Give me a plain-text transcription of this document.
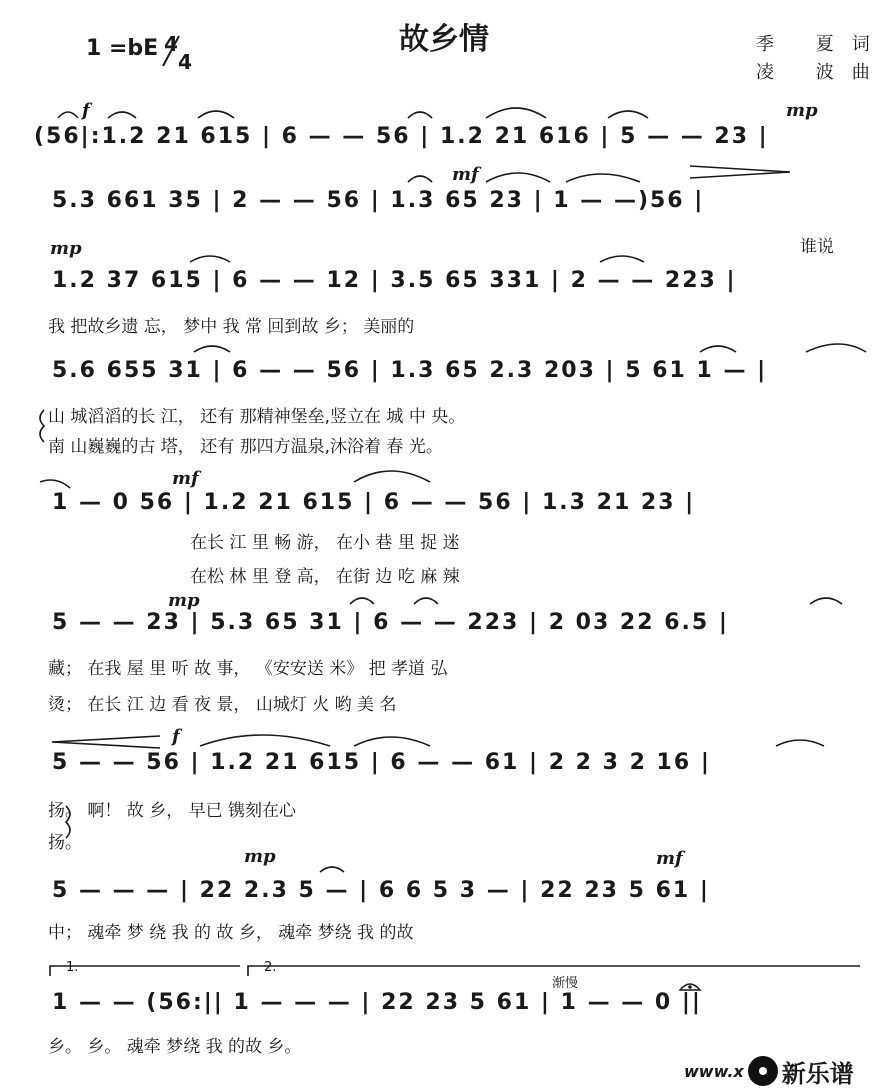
故乡情
1 =bE 4
4
季 夏词
凌 波曲
(56|:1.2 21 615 | 6 — — 56 | 1.2 21 616 | 5 — — 23 |
f	mp
5.3 661 35 | 2 — — 56 | 1.3 65 23 | 1 — —)56 |
mf
谁说
mp
1.2 37 615 | 6 — — 12 | 3.5 65 331 | 2 — — 223 |
我 把故乡遗 忘， 梦中 我 常 回到故 乡； 美丽的
5.6 655 31 | 6 — — 56 | 1.3 65 2.3 203 | 5 61 1 — |
山 城滔滔的长 江， 还有 那精神堡垒,竖立在 城 中 央。
南 山巍巍的古 塔， 还有 那四方温泉,沐浴着 春 光。
mf
1 — 0 56 | 1.2 21 615 | 6 — — 56 | 1.3 21 23 |
在长 江 里 畅 游， 在小 巷 里 捉 迷
在松 林 里 登 高， 在街 边 吃 麻 辣
mp
5 — — 23 | 5.3 65 31 | 6 — — 223 | 2 03 22 6.5 |
藏； 在我 屋 里 听 故 事， 《安安送 米》 把 孝道 弘
烫； 在长 江 边 看 夜 景， 山城灯 火 哟 美 名
f
5 — — 56 | 1.2 21 615 | 6 — — 61 | 2 2 3 2 16 |
扬。 啊！ 故 乡， 早已 镌刻在心
扬。
mp	mf
5 — — — | 22 2.3 5 — | 6 6 5 3 — | 22 23 5 61 |
中； 魂牵 梦 绕 我 的 故 乡， 魂牵 梦绕 我 的故
1.	2.
渐慢
1 — — (56:|| 1 — — — | 22 23 5 61 | 1 — — 0 ||
乡。 乡。 魂牵 梦绕 我 的故 乡。
www.x 新乐谱
